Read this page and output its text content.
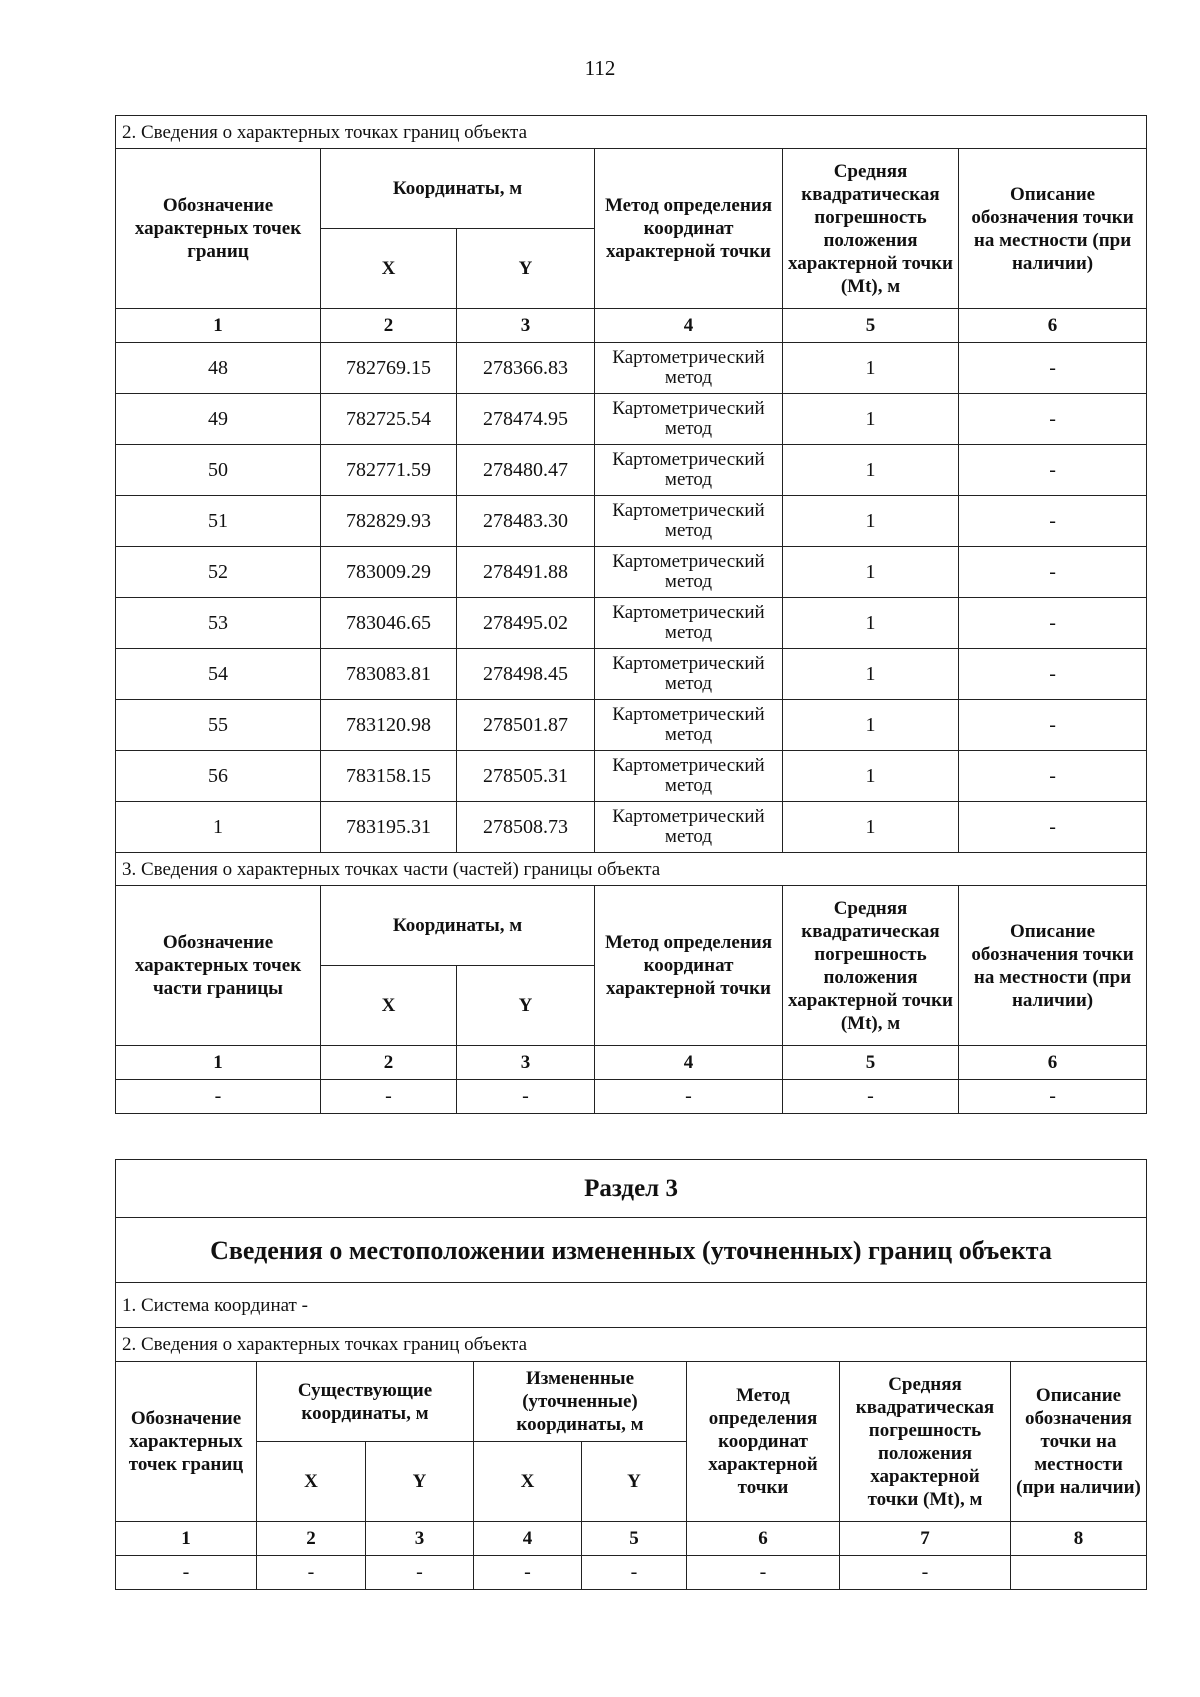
112
2. Сведения о характерных точках границ объекта					
Обозначение характерных точек границ	Координаты, м		Метод определения координат характерной точки	Средняя квадратическая погрешность положения характерной точки (Mt), м	Описание обозначения точки на местности (при наличии)
	X	Y			
1	2	3	4	5	6
48	782769.15	278366.83	Картометрический метод	1	-
49	782725.54	278474.95	Картометрический метод	1	-
50	782771.59	278480.47	Картометрический метод	1	-
51	782829.93	278483.30	Картометрический метод	1	-
52	783009.29	278491.88	Картометрический метод	1	-
53	783046.65	278495.02	Картометрический метод	1	-
54	783083.81	278498.45	Картометрический метод	1	-
55	783120.98	278501.87	Картометрический метод	1	-
56	783158.15	278505.31	Картометрический метод	1	-
1	783195.31	278508.73	Картометрический метод	1	-
3. Сведения о характерных точках части (частей) границы объекта					
Обозначение характерных точек части границы	Координаты, м		Метод определения координат характерной точки	Средняя квадратическая погрешность положения характерной точки (Mt), м	Описание обозначения точки на местности (при наличии)
	X	Y			
1	2	3	4	5	6
-	-	-	-	-	-
Раздел 3							
Сведения о местоположении измененных (уточненных) границ объекта							
1. Система координат -							
2. Сведения о характерных точках границ объекта							
Обозначение характерных точек границ	Существующие координаты, м		Измененные (уточненные) координаты, м		Метод определения координат характерной точки	Средняя квадратическая погрешность положения характерной точки (Mt), м	Описание обозначения точки на местности (при наличии)
	X	Y	X	Y			
1	2	3	4	5	6	7	8
-	-	-	-	-	-	-	
